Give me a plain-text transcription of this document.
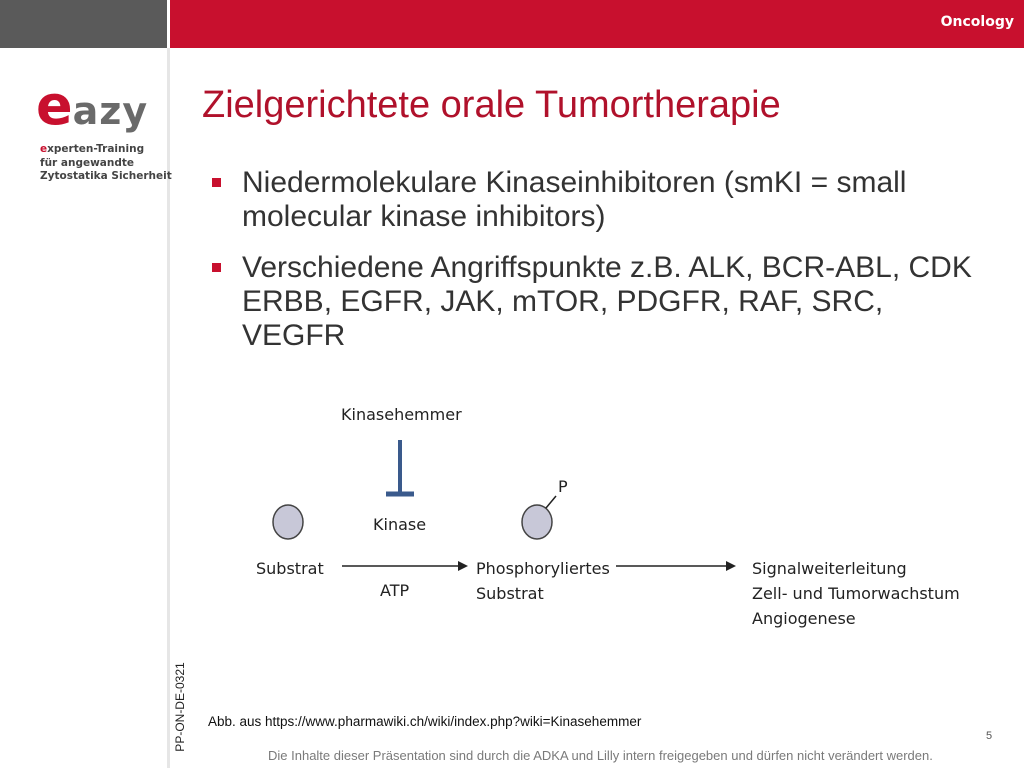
Oncology
eazy
experten-Training
für angewandte
Zytostatika Sicherheit
Zielgerichtete orale Tumortherapie
Niedermolekulare Kinaseinhibitoren (smKI = small molecular kinase inhibitors)
Verschiedene Angriffspunkte z.B. ALK, BCR-ABL, CDK ERBB, EGFR, JAK, mTOR, PDGFR, RAF, SRC, VEGFR
Kinasehemmer
Kinase
Substrat
ATP
P
Phosphoryliertes
Substrat
Signalweiterleitung
Zell- und Tumorwachstum
Angiogenese
PP-ON-DE-0321 Abb. aus https://www.pharmawiki.ch/wiki/index.php?wiki=Kinasehemmer
5
Die Inhalte dieser Präsentation sind durch die ADKA und Lilly intern freigegeben und dürfen nicht verändert werden.
